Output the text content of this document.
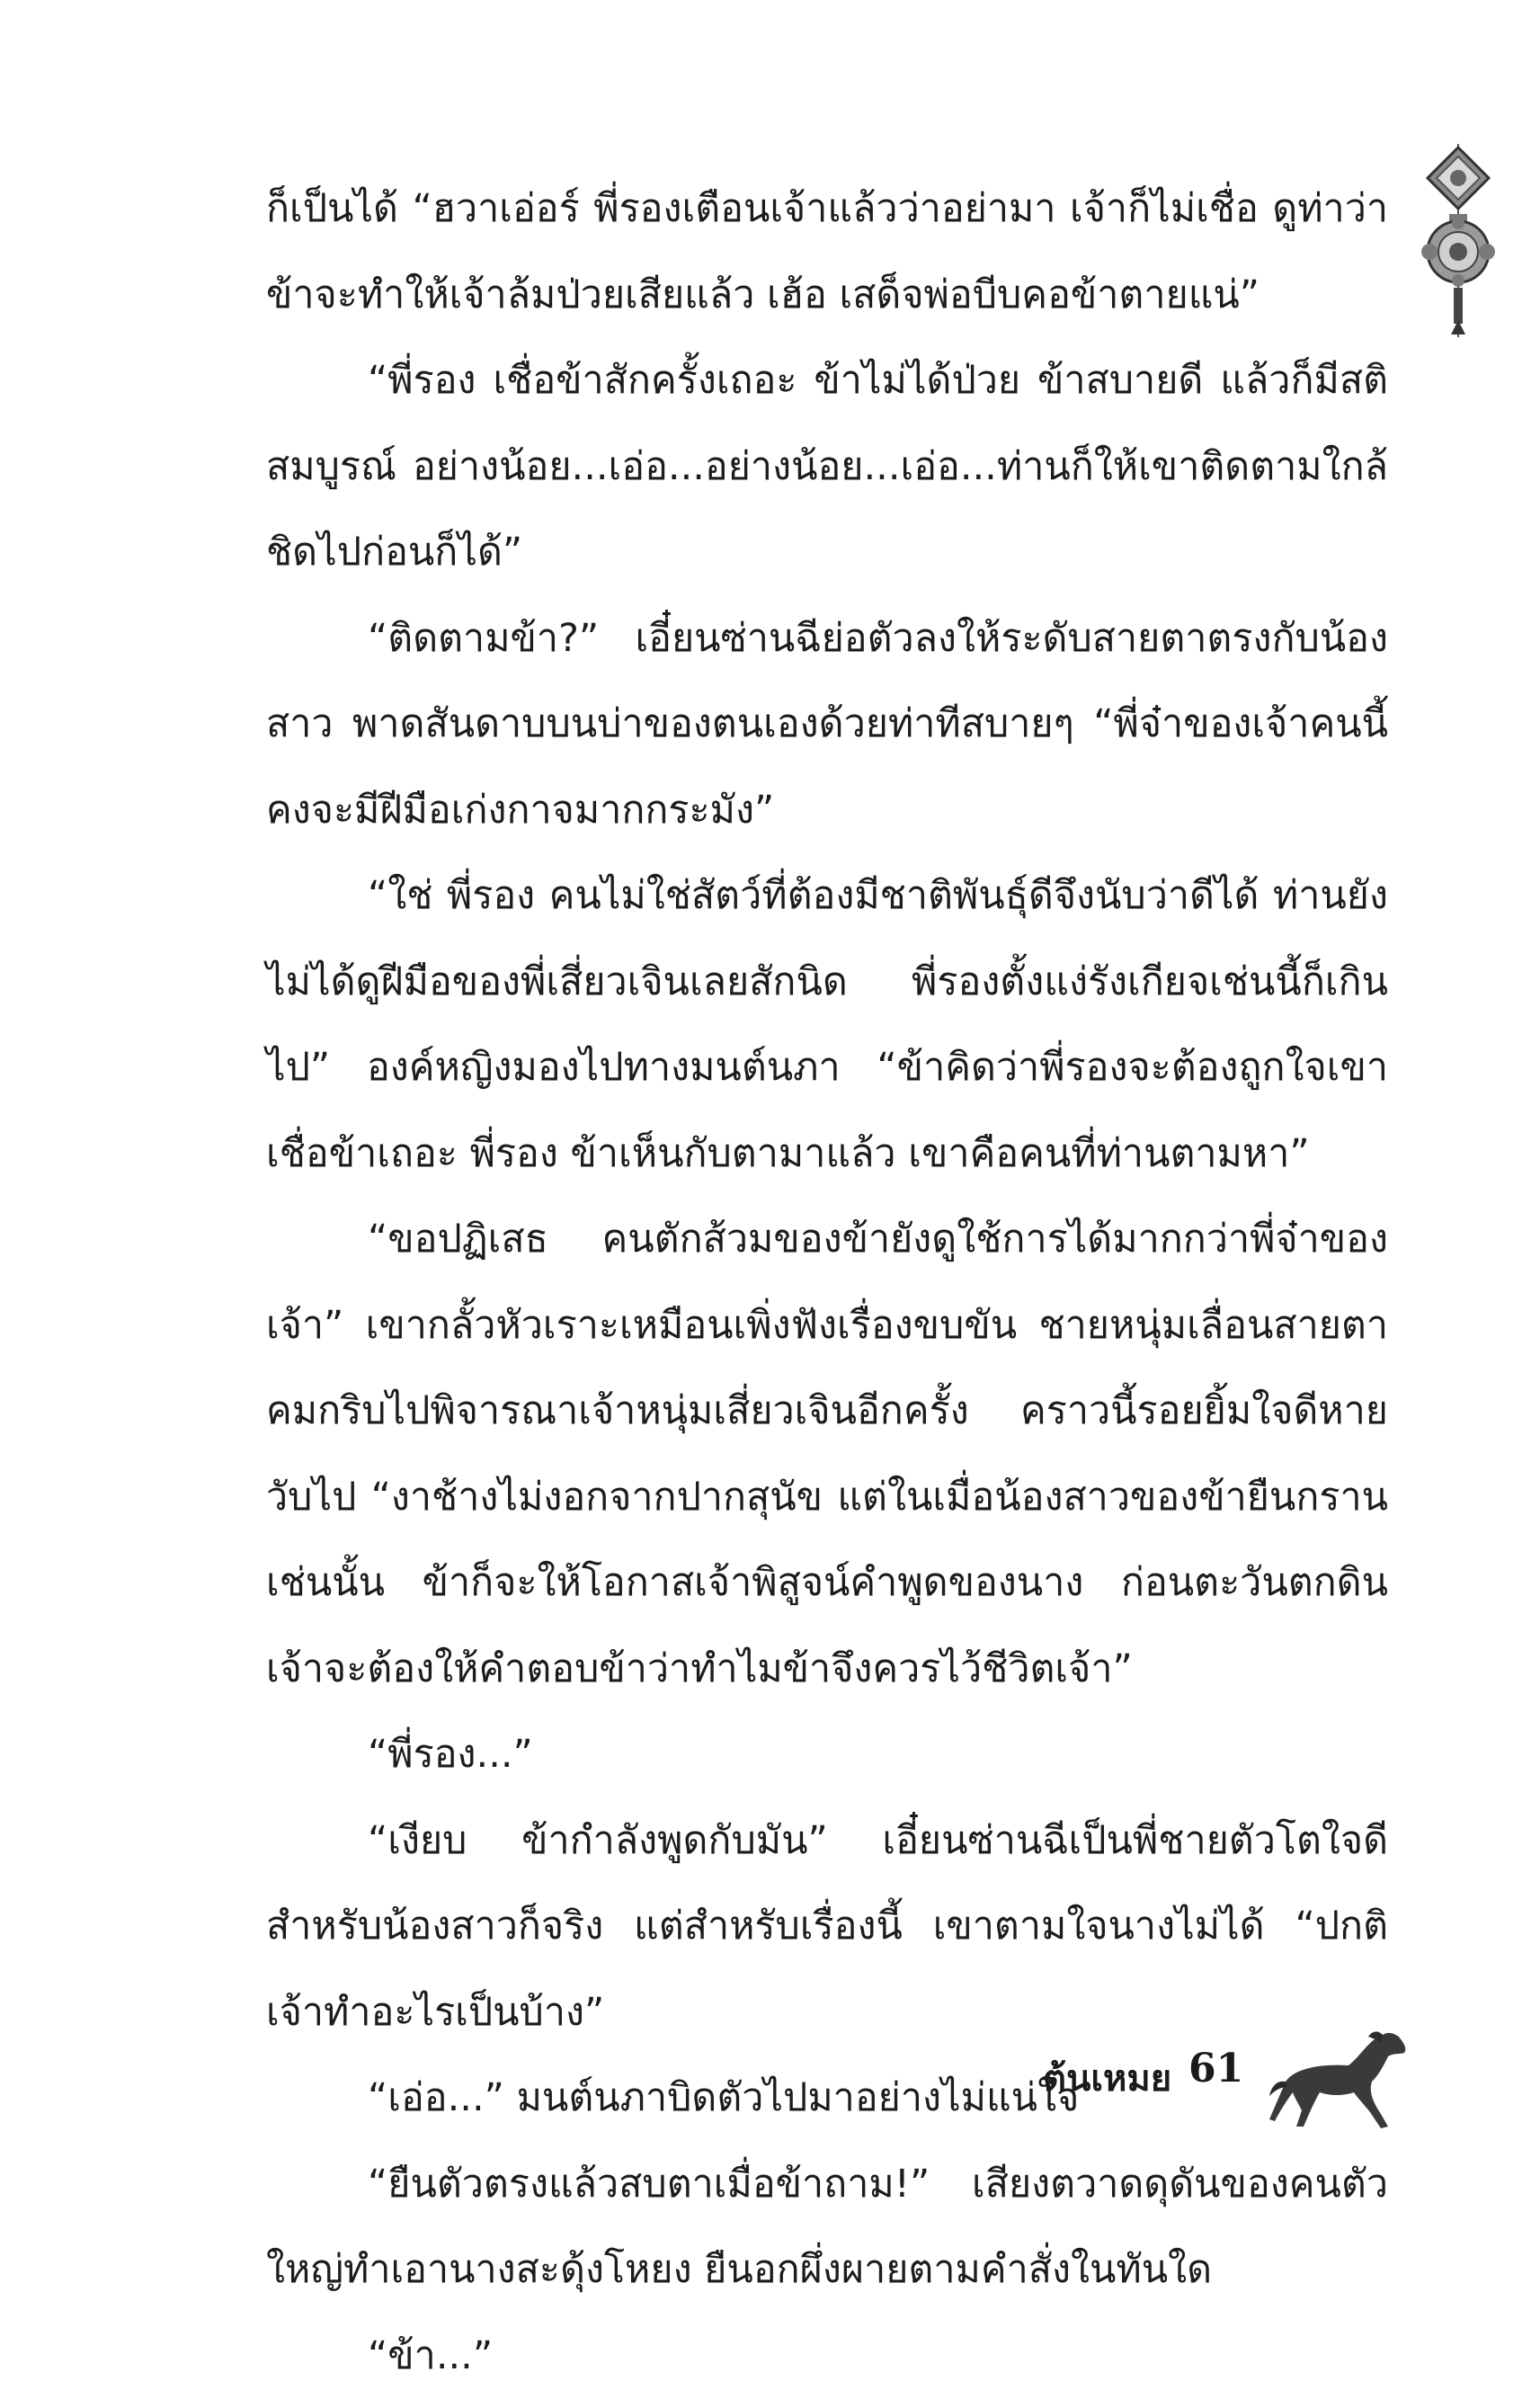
ก็เป็นได้ “ฮวาเอ่อร์ พี่รองเตือนเจ้าแล้วว่าอย่ามา เจ้าก็ไม่เชื่อ ดูท่าว่าข้าจะทำให้เจ้าล้มป่วยเสียแล้ว เฮ้อ เสด็จพ่อบีบคอข้าตายแน่”

“พี่รอง เชื่อข้าสักครั้งเถอะ ข้าไม่ได้ป่วย ข้าสบายดี แล้วก็มีสติสมบูรณ์ อย่างน้อย...เอ่อ...อย่างน้อย...เอ่อ...ท่านก็ให้เขาติดตามใกล้ชิดไปก่อนก็ได้”

“ติดตามข้า?” เอี๋ยนซ่านฉีย่อตัวลงให้ระดับสายตาตรงกับน้องสาว พาดสันดาบบนบ่าของตนเองด้วยท่าทีสบายๆ “พี่จ๋าของเจ้าคนนี้คงจะมีฝีมือเก่งกาจมากกระมัง”

“ใช่ พี่รอง คนไม่ใช่สัตว์ที่ต้องมีชาติพันธุ์ดีจึงนับว่าดีได้ ท่านยังไม่ได้ดูฝีมือของพี่เสี่ยวเจินเลยสักนิด พี่รองตั้งแง่รังเกียจเช่นนี้ก็เกินไป” องค์หญิงมองไปทางมนต์นภา “ข้าคิดว่าพี่รองจะต้องถูกใจเขา เชื่อข้าเถอะ พี่รอง ข้าเห็นกับตามาแล้ว เขาคือคนที่ท่านตามหา”

“ขอปฏิเสธ คนตักส้วมของข้ายังดูใช้การได้มากกว่าพี่จ๋าของเจ้า” เขากลั้วหัวเราะเหมือนเพิ่งฟังเรื่องขบขัน ชายหนุ่มเลื่อนสายตาคมกริบไปพิจารณาเจ้าหนุ่มเสี่ยวเจินอีกครั้ง คราวนี้รอยยิ้มใจดีหายวับไป “งาช้างไม่งอกจากปากสุนัข แต่ในเมื่อน้องสาวของข้ายืนกรานเช่นนั้น ข้าก็จะให้โอกาสเจ้าพิสูจน์คำพูดของนาง ก่อนตะวันตกดิน เจ้าจะต้องให้คำตอบข้าว่าทำไมข้าจึงควรไว้ชีวิตเจ้า”

“พี่รอง...”

“เงียบ ข้ากำลังพูดกับมัน” เอี๋ยนซ่านฉีเป็นพี่ชายตัวโตใจดีสำหรับน้องสาวก็จริง แต่สำหรับเรื่องนี้ เขาตามใจนางไม่ได้ “ปกติเจ้าทำอะไรเป็นบ้าง”

“เอ่อ...” มนต์นภาบิดตัวไปมาอย่างไม่แน่ใจ

“ยืนตัวตรงแล้วสบตาเมื่อข้าถาม!” เสียงตวาดดุดันของคนตัวใหญ่ทำเอานางสะดุ้งโหยง ยืนอกผึ่งผายตามคำสั่งในทันใด

“ข้า...”

ต้นเหมย 61
